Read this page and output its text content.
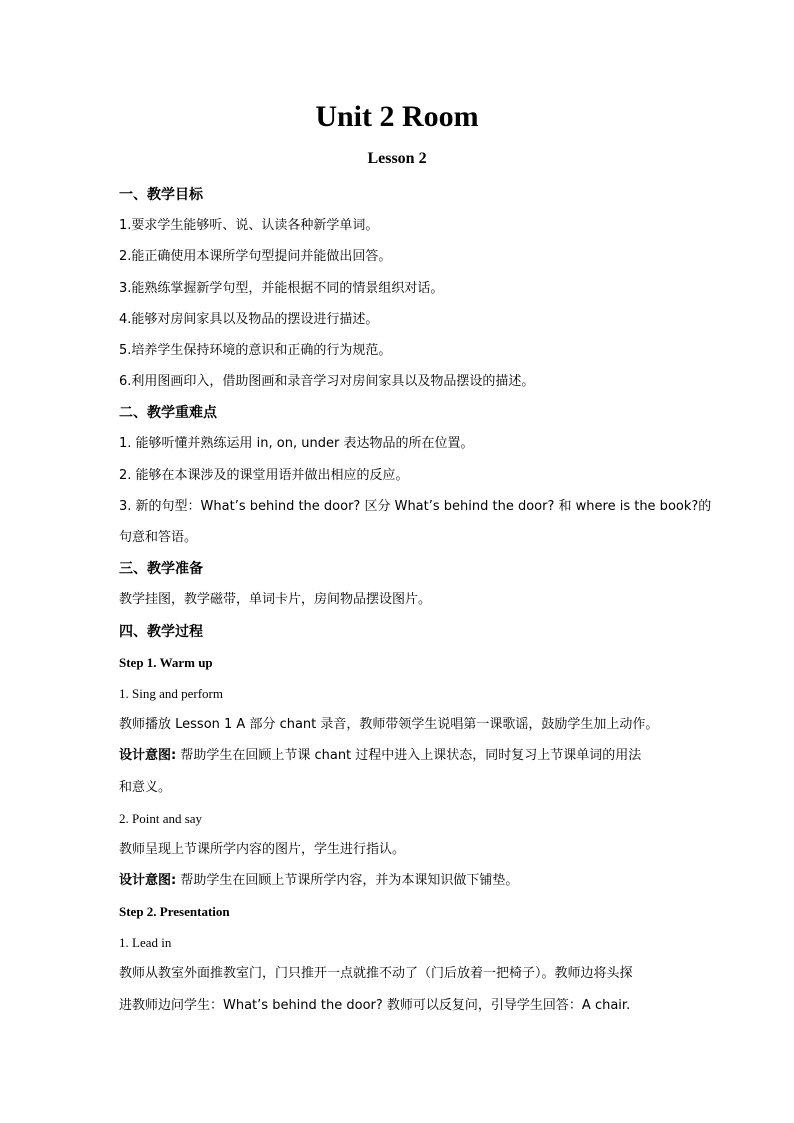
Unit 2 Room
Lesson 2

一、教学目标

1.要求学生能够听、说、认读各种新学单词。

2.能正确使用本课所学句型提问并能做出回答。

3.能熟练掌握新学句型，并能根据不同的情景组织对话。

4.能够对房间家具以及物品的摆设进行描述。

5.培养学生保持环境的意识和正确的行为规范。

6.利用图画印入，借助图画和录音学习对房间家具以及物品摆设的描述。

二、教学重难点

1. 能够听懂并熟练运用 in, on, under 表达物品的所在位置。

2. 能够在本课涉及的课堂用语并做出相应的反应。

3. 新的句型：What’s behind the door? 区分 What’s behind the door? 和 where is the book?的

句意和答语。

三、教学准备

教学挂图，教学磁带，单词卡片，房间物品摆设图片。

四、教学过程

Step 1. Warm up

1. Sing and perform

教师播放 Lesson 1 A 部分 chant 录音，教师带领学生说唱第一课歌谣，鼓励学生加上动作。

设计意图: 帮助学生在回顾上节课 chant 过程中进入上课状态，同时复习上节课单词的用法

和意义。

2. Point and say

教师呈现上节课所学内容的图片，学生进行指认。

设计意图: 帮助学生在回顾上节课所学内容，并为本课知识做下铺垫。

Step 2. Presentation

1. Lead in

教师从教室外面推教室门，门只推开一点就推不动了（门后放着一把椅子）。教师边将头探

进教师边问学生：What’s behind the door? 教师可以反复问，引导学生回答：A chair.
